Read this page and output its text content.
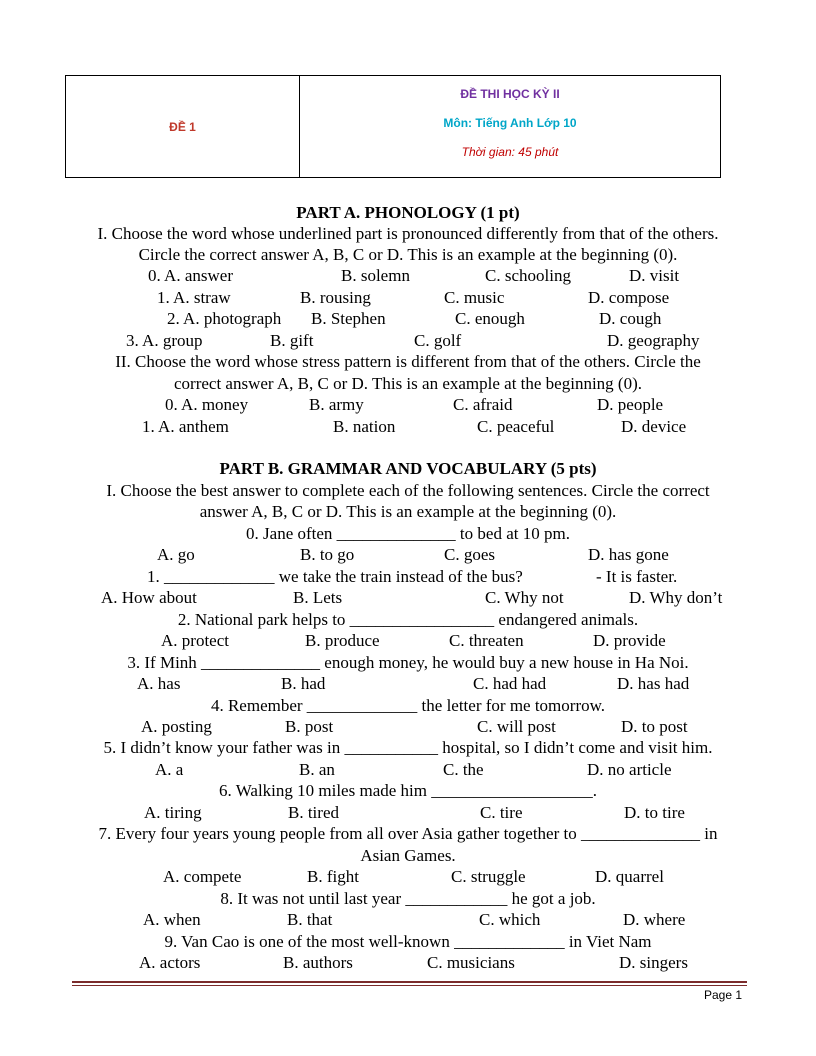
ĐỀ 1
ĐỀ THI HỌC KỲ II
Môn: Tiếng Anh Lớp 10
Thời gian: 45 phút
PART A. PHONOLOGY (1 pt)
I. Choose the word whose underlined part is pronounced differently from that of the others.
Circle the correct answer A, B, C or D. This is an example at the beginning (0).
0. A. answer	B. solemn	C. schooling	D. visit
1. A. straw	B. rousing	C. music	D. compose
2. A. photograph B. Stephen	C. enough	D. cough
3. A. group	B. gift	C. golf	D. geography
II. Choose the word whose stress pattern is different from that of the others. Circle the
correct answer A, B, C or D. This is an example at the beginning (0).
0. A. money	B. army	C. afraid	D. people
1. A. anthem	B. nation	C. peaceful	D. device
PART B. GRAMMAR AND VOCABULARY (5 pts)
I. Choose the best answer to complete each of the following sentences. Circle the correct
answer A, B, C or D. This is an example at the beginning (0).
0. Jane often ______________ to bed at 10 pm.
A. go	B. to go	C. goes	D. has gone
1. _____________ we take the train instead of the bus?	- It is faster.
A. How about	B. Lets	C. Why not	D. Why don’t
2. National park helps to _________________ endangered animals.
A. protect	B. produce	C. threaten	D. provide
3. If Minh ______________ enough money, he would buy a new house in Ha Noi.
A. has	B. had	C. had had	D. has had
4. Remember _____________ the letter for me tomorrow.
A. posting	B. post	C. will post	D. to post
5. I didn’t know your father was in ___________ hospital, so I didn’t come and visit him.
A. a	B. an	C. the	D. no article
6. Walking 10 miles made him ___________________.
A. tiring	B. tired	C. tire	D. to tire
7. Every four years young people from all over Asia gather together to ______________ in
Asian Games.
A. compete	B. fight	C. struggle	D. quarrel
8. It was not until last year ____________ he got a job.
A. when	B. that	C. which	D. where
9. Van Cao is one of the most well-known _____________ in Viet Nam
A. actors	B. authors	C. musicians	D. singers
Page 1
